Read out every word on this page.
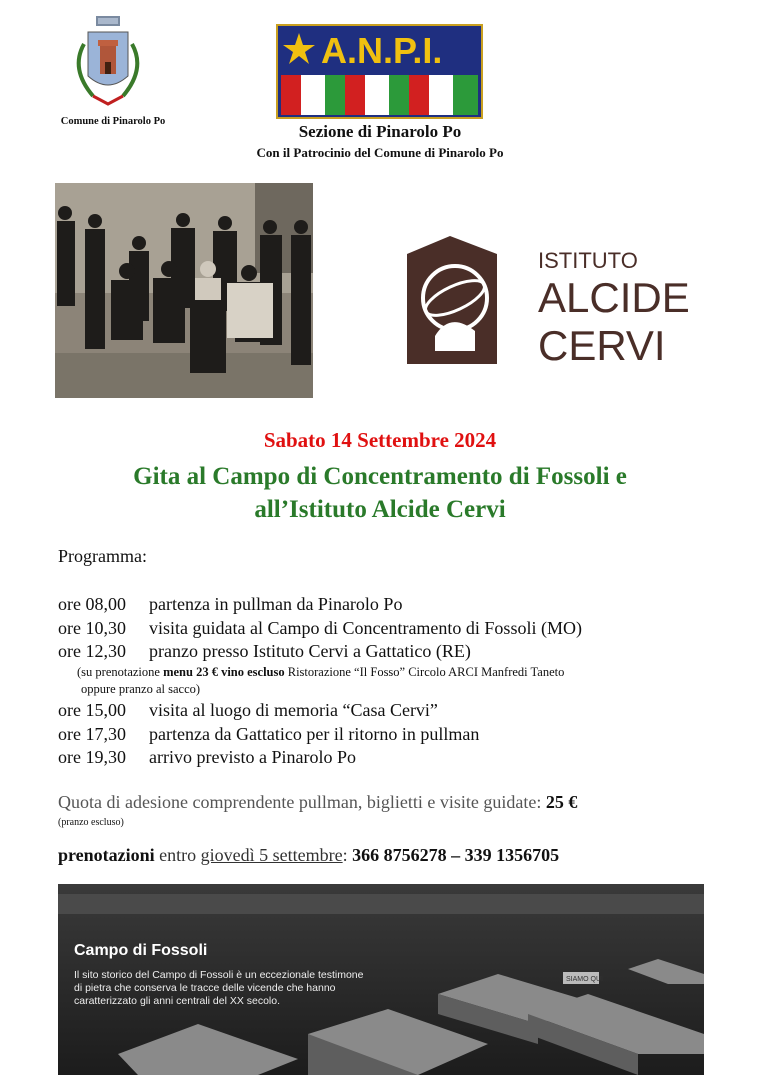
Comune di Pinarolo Po
A.N.P.I.
Sezione di Pinarolo Po
Con il Patrocinio del Comune di Pinarolo Po
ISTITUTO
ALCIDE
CERVI
Sabato 14 Settembre 2024
Gita al Campo di Concentramento di Fossoli e
all’Istituto Alcide Cervi
Programma:
ore 08,00 partenza in pullman da Pinarolo Po
ore 10,30 visita guidata al Campo di Concentramento di Fossoli (MO)
ore 12,30 pranzo presso Istituto Cervi a Gattatico (RE)
(su prenotazione menu 23 € vino escluso Ristorazione “Il Fosso” Circolo ARCI Manfredi Taneto
oppure pranzo al sacco)
ore 15,00 visita al luogo di memoria “Casa Cervi”
ore 17,30 partenza da Gattatico per il ritorno in pullman
ore 19,30 arrivo previsto a Pinarolo Po
Quota di adesione comprendente pullman, biglietti e visite guidate: 25 €
(pranzo escluso)
prenotazioni entro giovedì 5 settembre: 366 8756278 – 339 1356705
SIAMO QUI
Campo di Fossoli
Il sito storico del Campo di Fossoli è un eccezionale testimone di pietra che conserva le tracce delle vicende che hanno caratterizzato gli anni centrali del XX secolo.
